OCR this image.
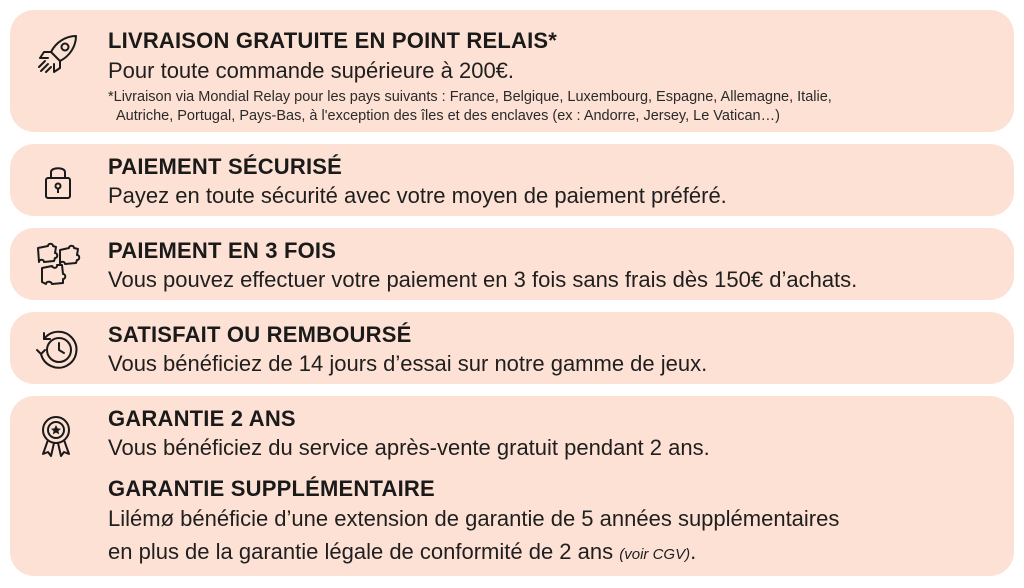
LIVRAISON GRATUITE EN POINT RELAIS*
Pour toute commande supérieure à 200€.
*Livraison via Mondial Relay pour les pays suivants : France, Belgique, Luxembourg, Espagne, Allemagne, Italie,
Autriche, Portugal, Pays-Bas, à l'exception des îles et des enclaves (ex : Andorre, Jersey, Le Vatican…)
PAIEMENT SÉCURISÉ
Payez en toute sécurité avec votre moyen de paiement préféré.
PAIEMENT EN 3 FOIS
Vous pouvez effectuer votre paiement en 3 fois sans frais dès 150€ d’achats.
SATISFAIT OU REMBOURSÉ
Vous bénéficiez de 14 jours d’essai sur notre gamme de jeux.
GARANTIE 2 ANS
Vous bénéficiez du service après-vente gratuit pendant 2 ans.
GARANTIE SUPPLÉMENTAIRE
Lilémø bénéficie d’une extension de garantie de 5 années supplémentaires
en plus de la garantie légale de conformité de 2 ans (voir CGV).
